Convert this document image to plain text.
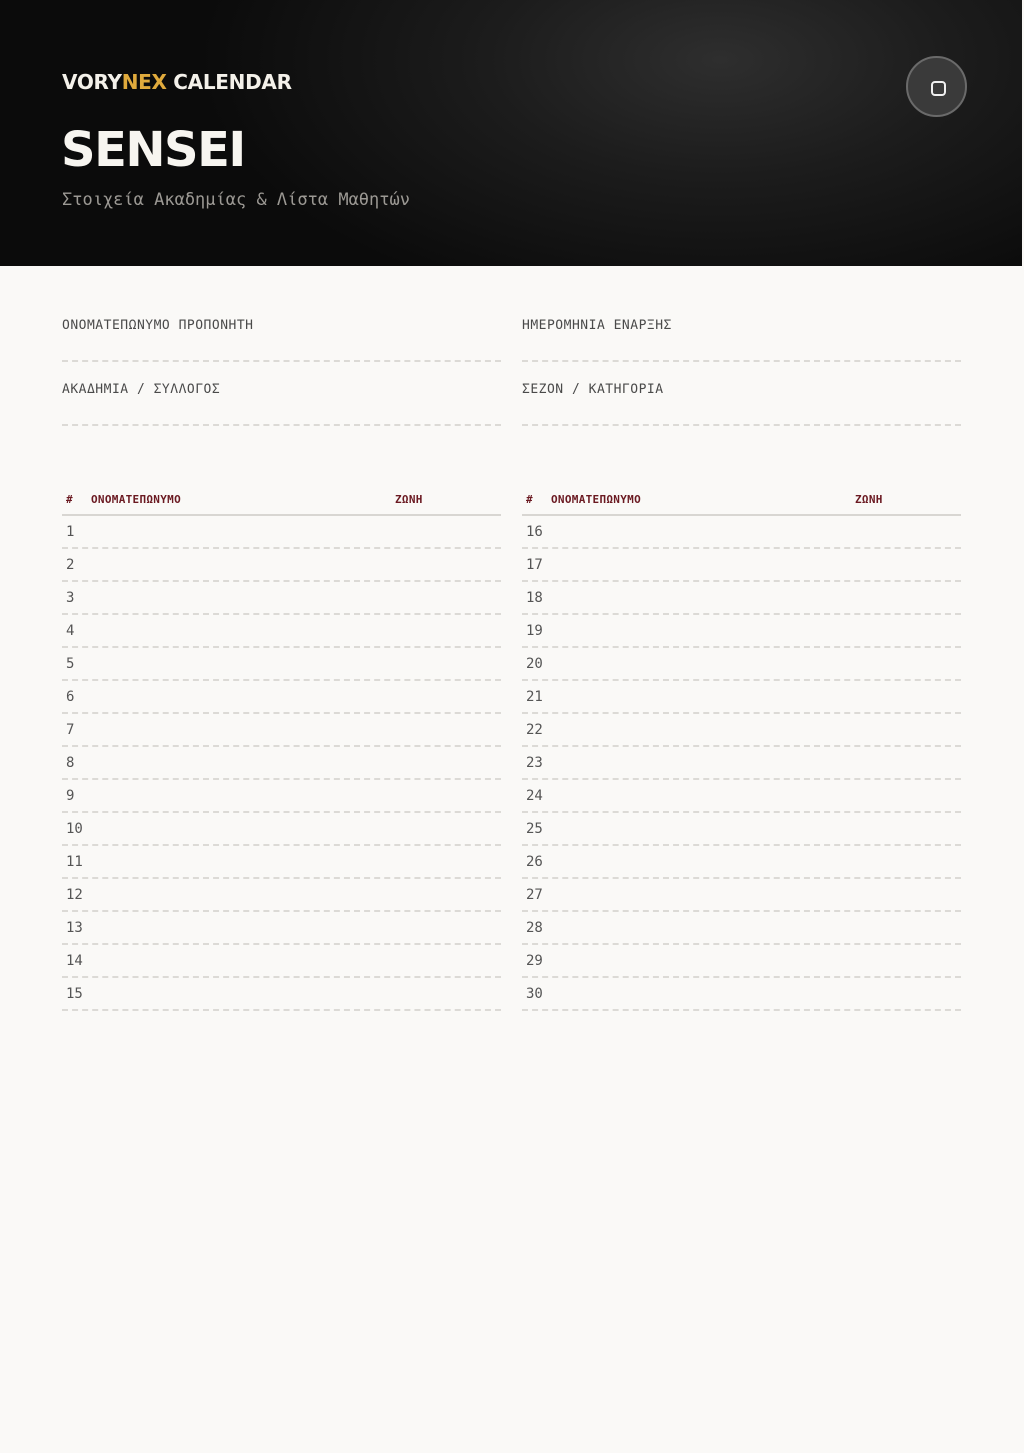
VORYNEX CALENDAR
SENSEI
Στοιχεία Ακαδημίας & Λίστα Μαθητών
ΟΝΟΜΑΤΕΠΩΝΥΜΟ ΠΡΟΠΟΝΗΤΗ	ΗΜΕΡΟΜΗΝΙΑ ΕΝΑΡΞΗΣ
ΑΚΑΔΗΜΙΑ / ΣΥΛΛΟΓΟΣ	ΣΕΖΟΝ / ΚΑΤΗΓΟΡΙΑ
# ΟΝΟΜΑΤΕΠΩΝΥΜΟ	ΖΩΝΗ
1
2
3
4
5
6
7
8
9
10
11
12
13
14
15
# ΟΝΟΜΑΤΕΠΩΝΥΜΟ	ΖΩΝΗ
16
17
18
19
20
21
22
23
24
25
26
27
28
29
30
